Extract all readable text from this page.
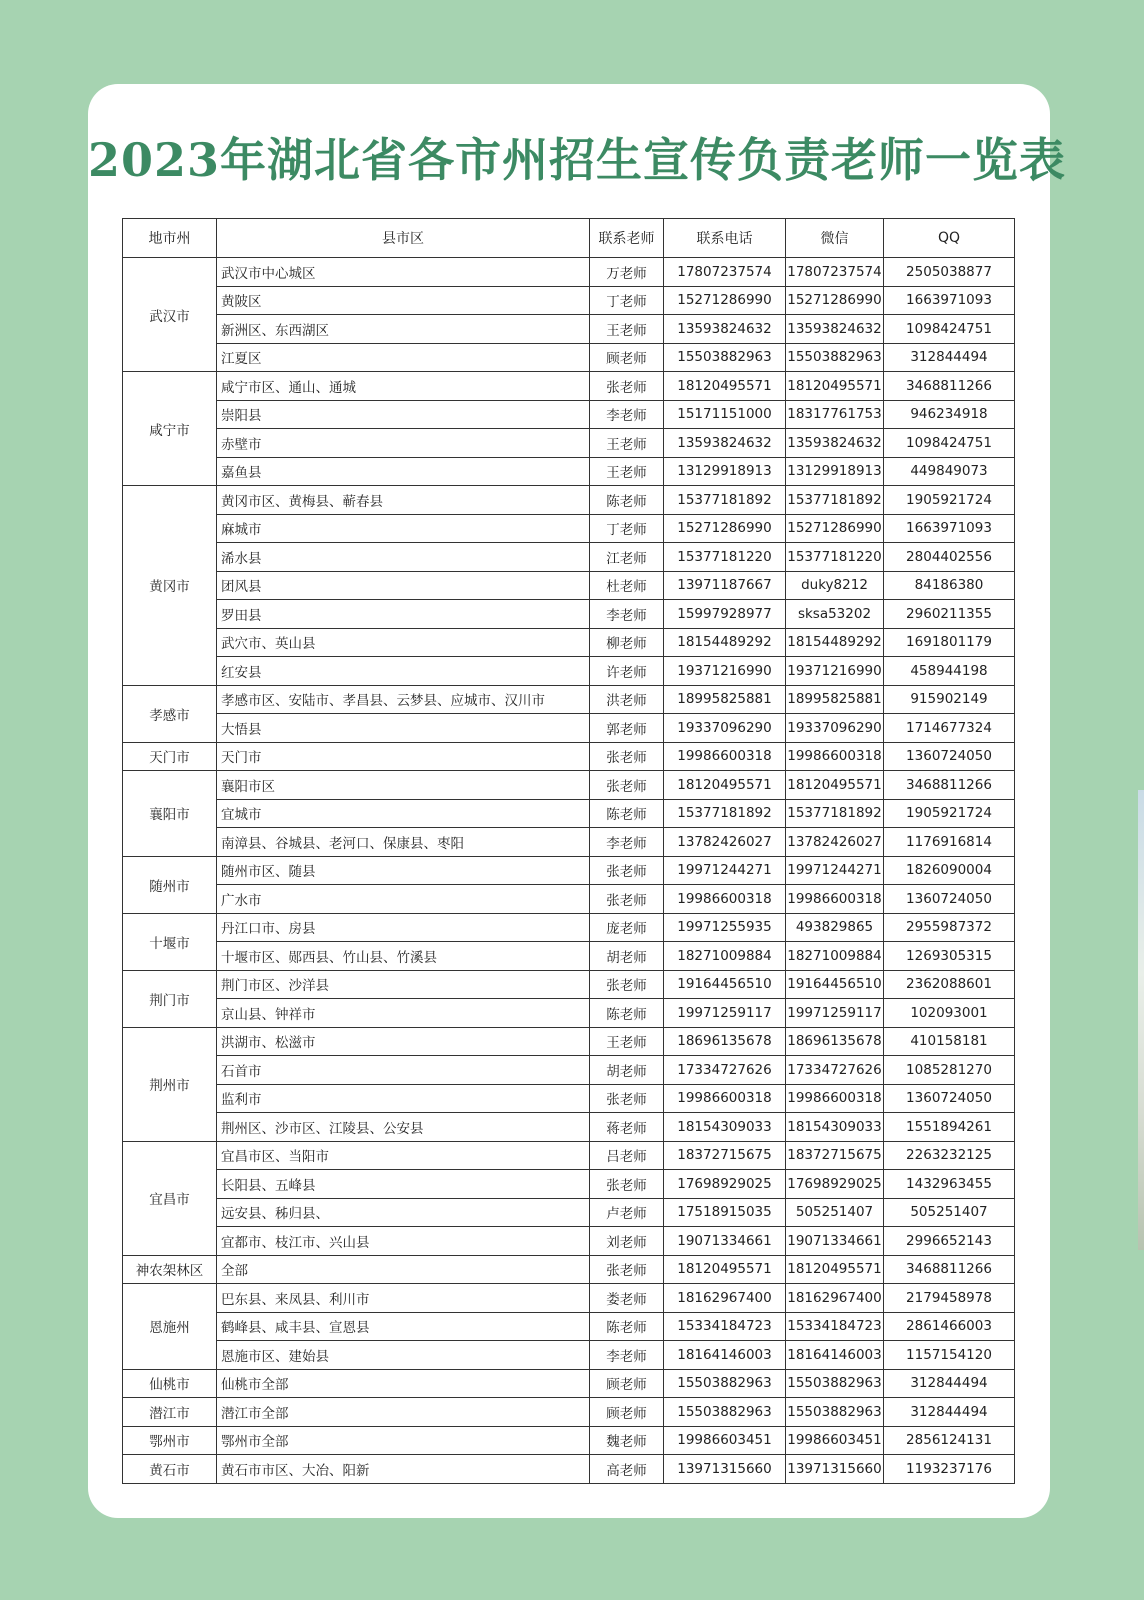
2023年湖北省各市州招生宣传负责老师一览表
地市州	县市区	联系老师	联系电话	微信	QQ
武汉市	武汉市中心城区	万老师	17807237574	17807237574	2505038877
	黄陂区	丁老师	15271286990	15271286990	1663971093
	新洲区、东西湖区	王老师	13593824632	13593824632	1098424751
	江夏区	顾老师	15503882963	15503882963	312844494
咸宁市	咸宁市区、通山、通城	张老师	18120495571	18120495571	3468811266
	崇阳县	李老师	15171151000	18317761753	946234918
	赤壁市	王老师	13593824632	13593824632	1098424751
	嘉鱼县	王老师	13129918913	13129918913	449849073
黄冈市	黄冈市区、黄梅县、蕲春县	陈老师	15377181892	15377181892	1905921724
	麻城市	丁老师	15271286990	15271286990	1663971093
	浠水县	江老师	15377181220	15377181220	2804402556
	团风县	杜老师	13971187667	duky8212	84186380
	罗田县	李老师	15997928977	sksa53202	2960211355
	武穴市、英山县	柳老师	18154489292	18154489292	1691801179
	红安县	许老师	19371216990	19371216990	458944198
孝感市	孝感市区、安陆市、孝昌县、云梦县、应城市、汉川市	洪老师	18995825881	18995825881	915902149
	大悟县	郭老师	19337096290	19337096290	1714677324
天门市	天门市	张老师	19986600318	19986600318	1360724050
襄阳市	襄阳市区	张老师	18120495571	18120495571	3468811266
	宜城市	陈老师	15377181892	15377181892	1905921724
	南漳县、谷城县、老河口、保康县、枣阳	李老师	13782426027	13782426027	1176916814
随州市	随州市区、随县	张老师	19971244271	19971244271	1826090004
	广水市	张老师	19986600318	19986600318	1360724050
十堰市	丹江口市、房县	庞老师	19971255935	493829865	2955987372
	十堰市区、郧西县、竹山县、竹溪县	胡老师	18271009884	18271009884	1269305315
荆门市	荆门市区、沙洋县	张老师	19164456510	19164456510	2362088601
	京山县、钟祥市	陈老师	19971259117	19971259117	102093001
荆州市	洪湖市、松滋市	王老师	18696135678	18696135678	410158181
	石首市	胡老师	17334727626	17334727626	1085281270
	监利市	张老师	19986600318	19986600318	1360724050
	荆州区、沙市区、江陵县、公安县	蒋老师	18154309033	18154309033	1551894261
宜昌市	宜昌市区、当阳市	吕老师	18372715675	18372715675	2263232125
	长阳县、五峰县	张老师	17698929025	17698929025	1432963455
	远安县、秭归县、	卢老师	17518915035	505251407	505251407
	宜都市、枝江市、兴山县	刘老师	19071334661	19071334661	2996652143
神农架林区	全部	张老师	18120495571	18120495571	3468811266
恩施州	巴东县、来凤县、利川市	娄老师	18162967400	18162967400	2179458978
	鹤峰县、咸丰县、宣恩县	陈老师	15334184723	15334184723	2861466003
	恩施市区、建始县	李老师	18164146003	18164146003	1157154120
仙桃市	仙桃市全部	顾老师	15503882963	15503882963	312844494
潜江市	潜江市全部	顾老师	15503882963	15503882963	312844494
鄂州市	鄂州市全部	魏老师	19986603451	19986603451	2856124131
黄石市	黄石市市区、大冶、阳新	高老师	13971315660	13971315660	1193237176
